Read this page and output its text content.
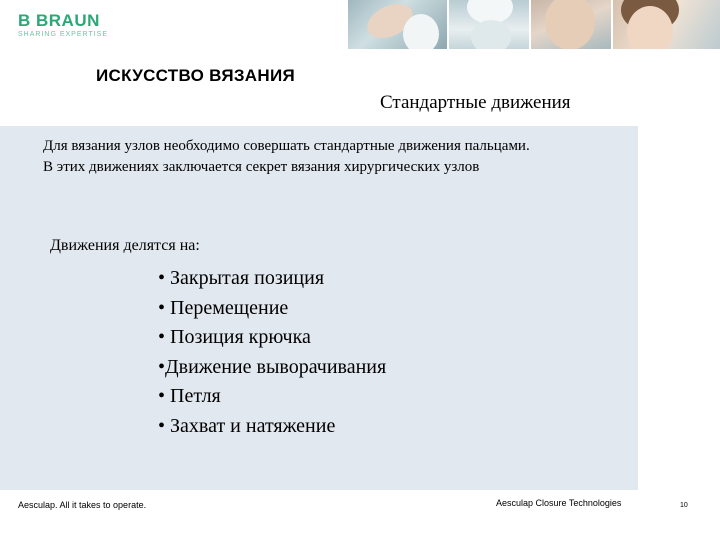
B BRAUN
SHARING EXPERTISE
ИСКУССТВО ВЯЗАНИЯ
Стандартные движения

Для вязания узлов необходимо совершать стандартные движения пальцами.

В этих движениях заключается секрет вязания хирургических узлов

Движения делятся на:
• Закрытая позиция
• Перемещение
• Позиция крючка
•Движение выворачивания
• Петля
• Захват и натяжение
Aesculap. All it takes to operate.	Aesculap Closure Technologies	10
